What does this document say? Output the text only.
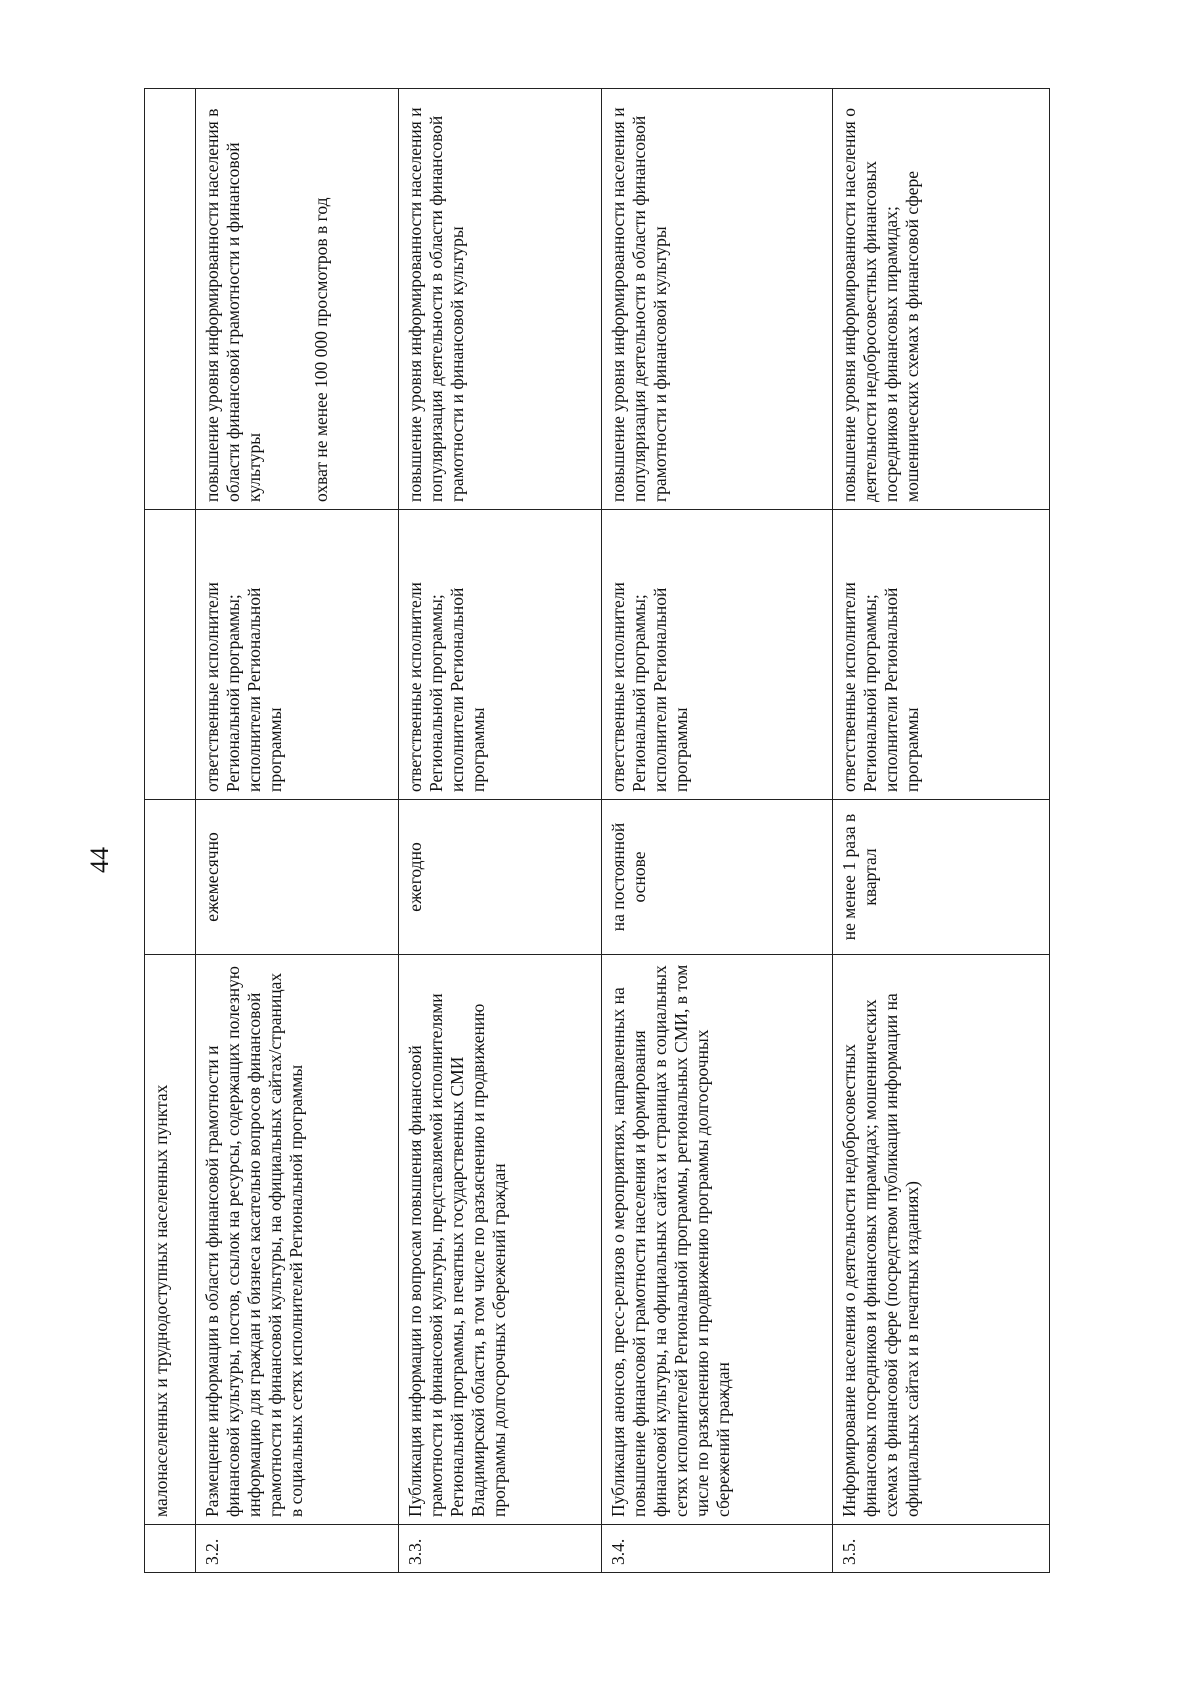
44
	малонаселенных и труднодоступных населенных пунктах			
3.2.	Размещение информации в области финансовой грамотности и финансовой культуры, постов, ссылок на ресурсы, содержащих полезную информацию для граждан и бизнеса касательно вопросов финансовой грамотности и финансовой культуры, на официальных сайтах/страницах в социальных сетях исполнителей Региональной программы	ежемесячно	ответственные исполнители Региональной программы; исполнители Региональной программы	повышение уровня информированности населения в области финансовой грамотности и финансовой культуры охват не менее 100 000 просмотров в год

3.3.	Публикация информации по вопросам повышения финансовой грамотности и финансовой культуры, представляемой исполнителями Региональной программы, в печатных государственных СМИ Владимирской области, в том числе по разъяснению и продвижению программы долгосрочных сбережений граждан	ежегодно	ответственные исполнители Региональной программы; исполнители Региональной программы	повышение уровня информированности населения и популяризация деятельности в области финансовой грамотности и финансовой культуры
3.4.	Публикация анонсов, пресс-релизов о мероприятиях, направленных на повышение финансовой грамотности населения и формирования финансовой культуры, на официальных сайтах и страницах в социальных сетях исполнителей Региональной программы, региональных СМИ, в том числе по разъяснению и продвижению программы долгосрочных сбережений граждан	на постоянной основе	ответственные исполнители Региональной программы; исполнители Региональной программы	повышение уровня информированности населения и популяризация деятельности в области финансовой грамотности и финансовой культуры
3.5.	Информирование населения о деятельности недобросовестных финансовых посредников и финансовых пирамидах; мошеннических схемах в финансовой сфере (посредством публикации информации на официальных сайтах и в печатных изданиях)	не менее 1 раза в квартал	ответственные исполнители Региональной программы; исполнители Региональной программы	повышение уровня информированности населения о деятельности недобросовестных финансовых посредников и финансовых пирамидах; мошеннических схемах в финансовой сфере
